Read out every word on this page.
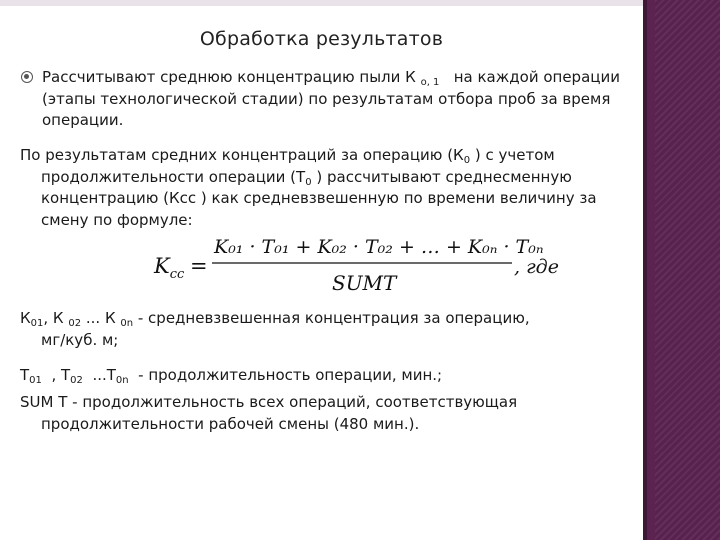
Обработка результатов
Рассчитывают среднюю концентрацию пыли К $_{о, 1}$ на каждой операции
(этапы технологической стадии) по результатам отбора проб за время
операции.
По результатам средних концентраций за операцию ($К_0$ ) с учетом
продолжительности операции ($Т_0$ ) рассчитывают среднесменную
концентрацию (Ксс ) как средневзвешенную по времени величину за
смену по формуле:
$K_{cc}$ =
K₀₁ · T₀₁ + K₀₂ · T₀₂ + … + K₀ₙ · T₀ₙ
SUMT
, где
$К_{01}$, К $_{02}$ ... К $_{0n}$ - средневзвешенная концентрация за операцию,
мг/куб. м;
$Т_{01}$ , $Т_{02}$ $...Т_{0n}$ - продолжительность операции, мин.;
SUM T - продолжительность всех операций, соответствующая
продолжительности рабочей смены (480 мин.).
